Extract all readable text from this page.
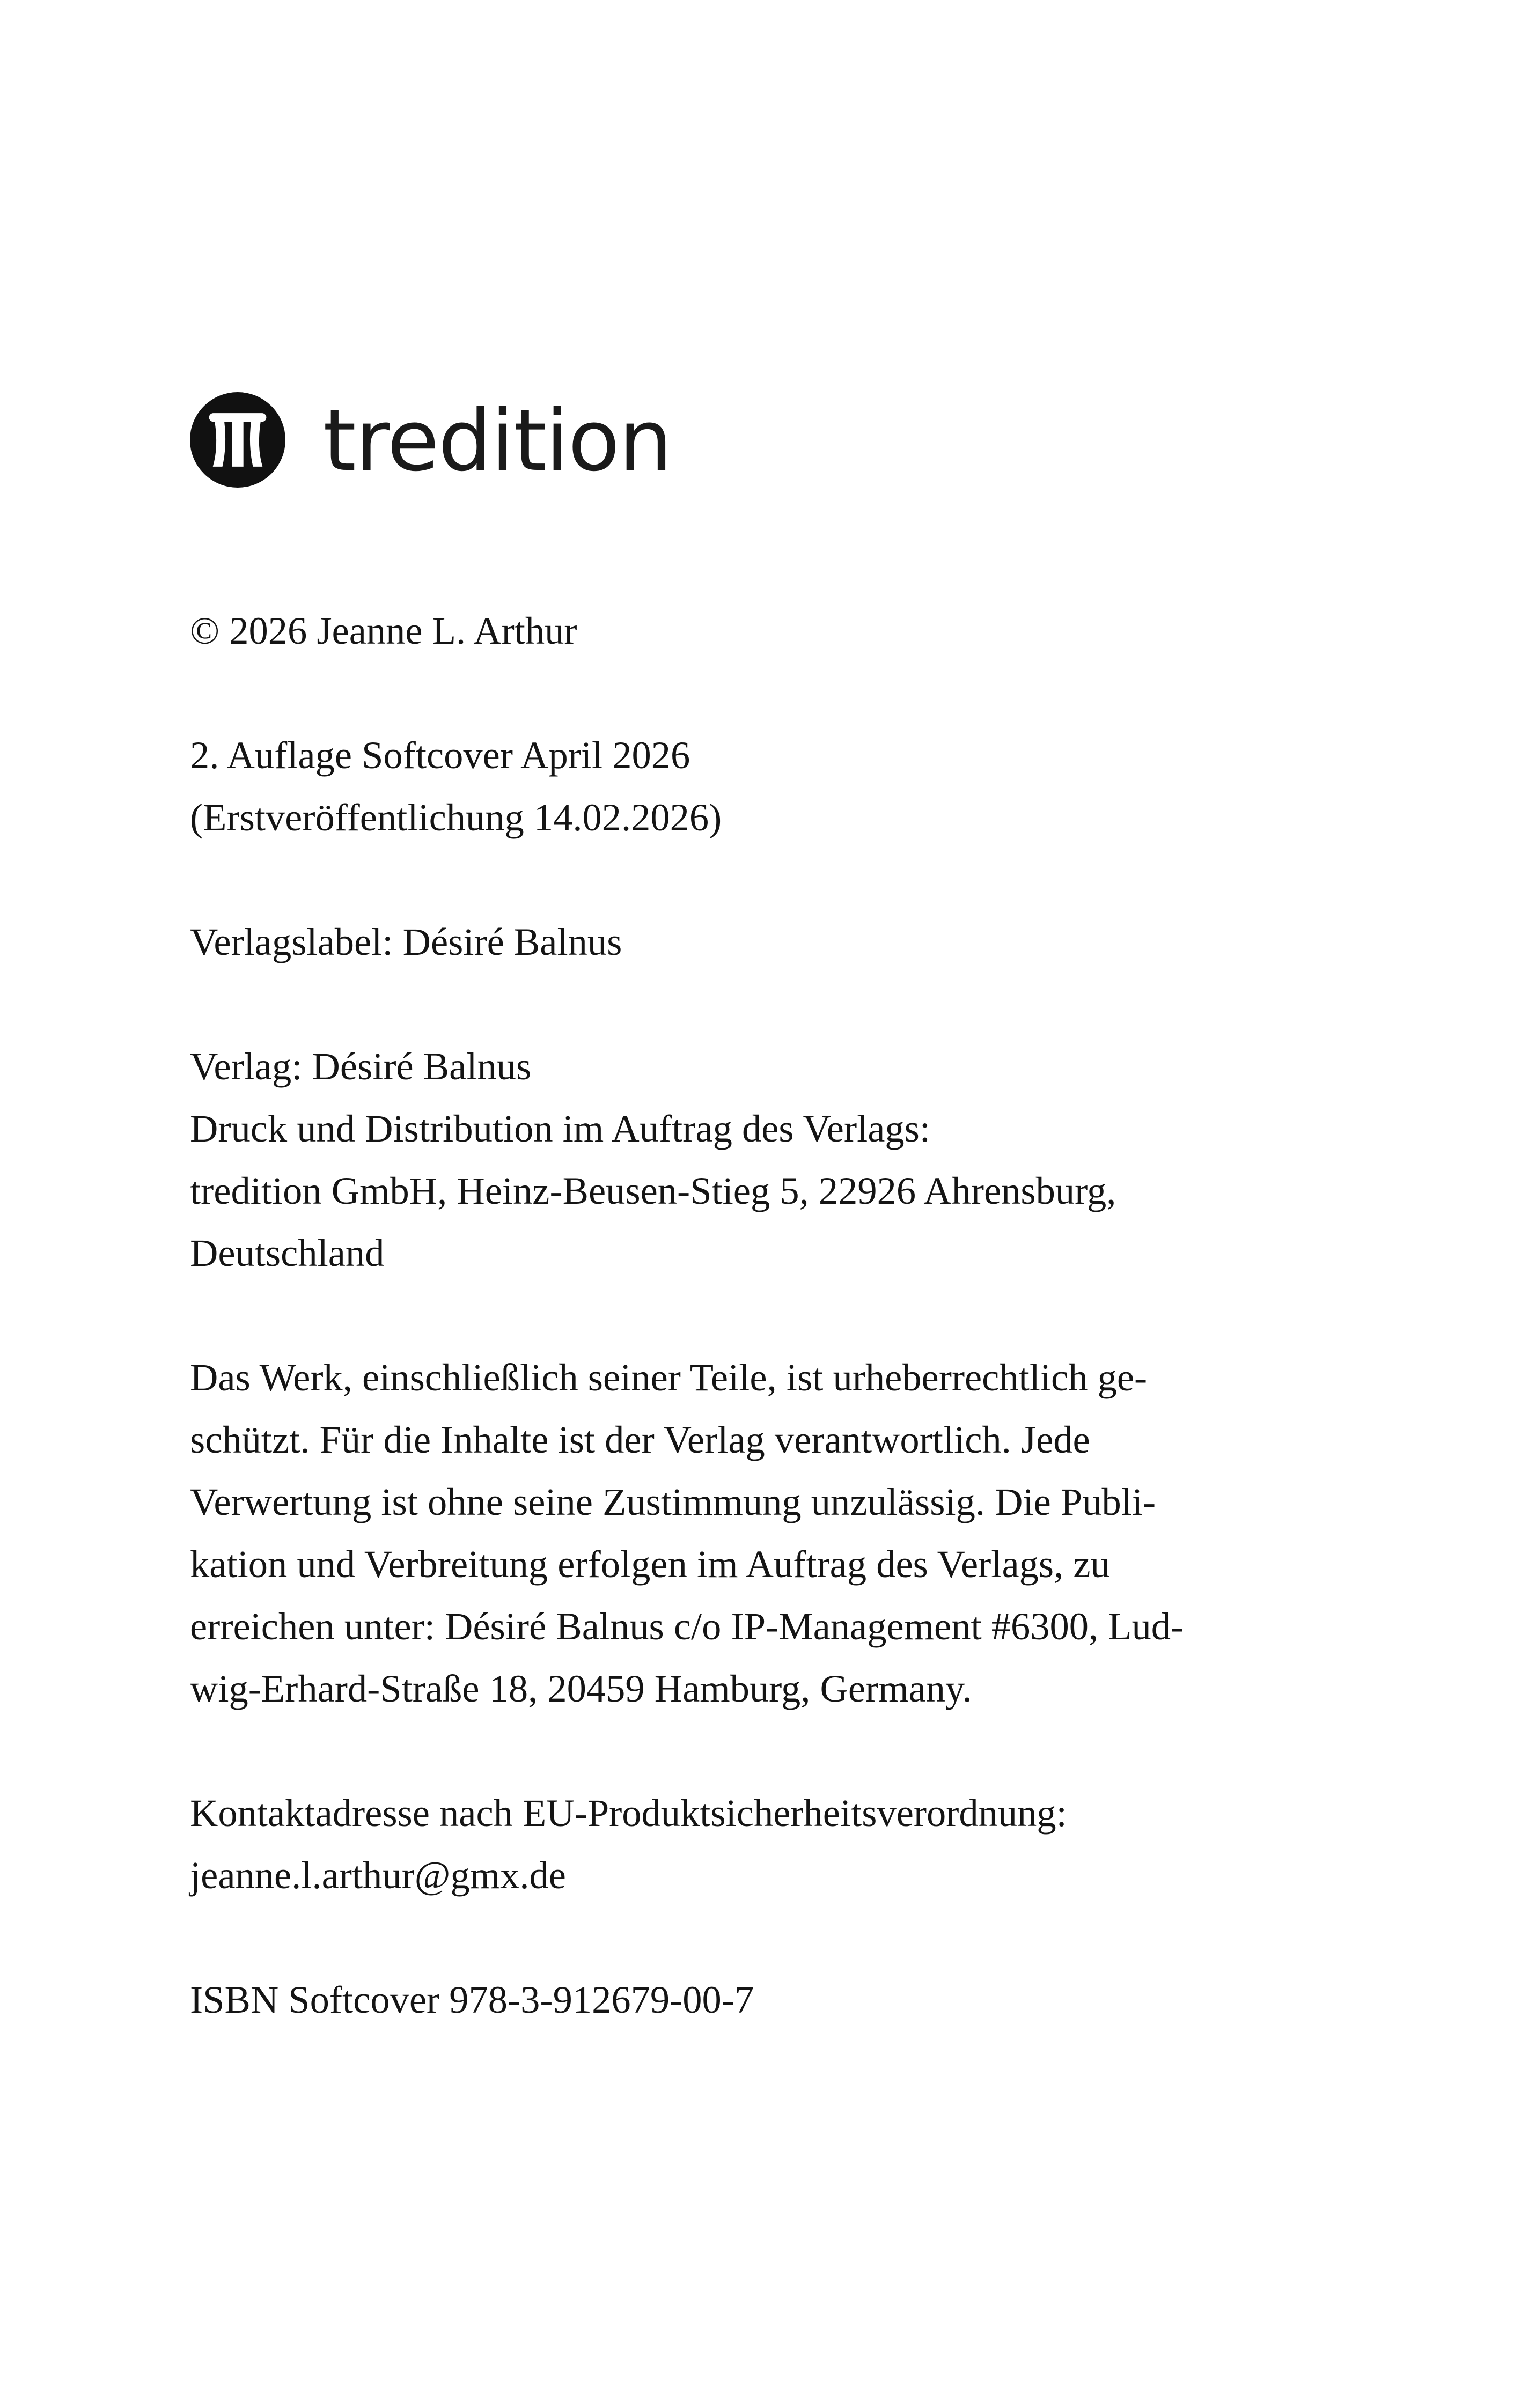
tredition
© 2026 Jeanne L. Arthur
2. Auflage Softcover April 2026
(Erstveröffentlichung 14.02.2026)
Verlagslabel: Désiré Balnus
Verlag: Désiré Balnus
Druck und Distribution im Auftrag des Verlags:
tredition GmbH, Heinz-Beusen-Stieg 5, 22926 Ahrensburg,
Deutschland
Das Werk, einschließlich seiner Teile, ist urheberrechtlich ge-
schützt. Für die Inhalte ist der Verlag verantwortlich. Jede
Verwertung ist ohne seine Zustimmung unzulässig. Die Publi-
kation und Verbreitung erfolgen im Auftrag des Verlags, zu
erreichen unter: Désiré Balnus c/o IP-Management #6300, Lud-
wig-Erhard-Straße 18, 20459 Hamburg, Germany.
Kontaktadresse nach EU-Produktsicherheitsverordnung:
jeanne.l.arthur@gmx.de
ISBN Softcover 978-3-912679-00-7
